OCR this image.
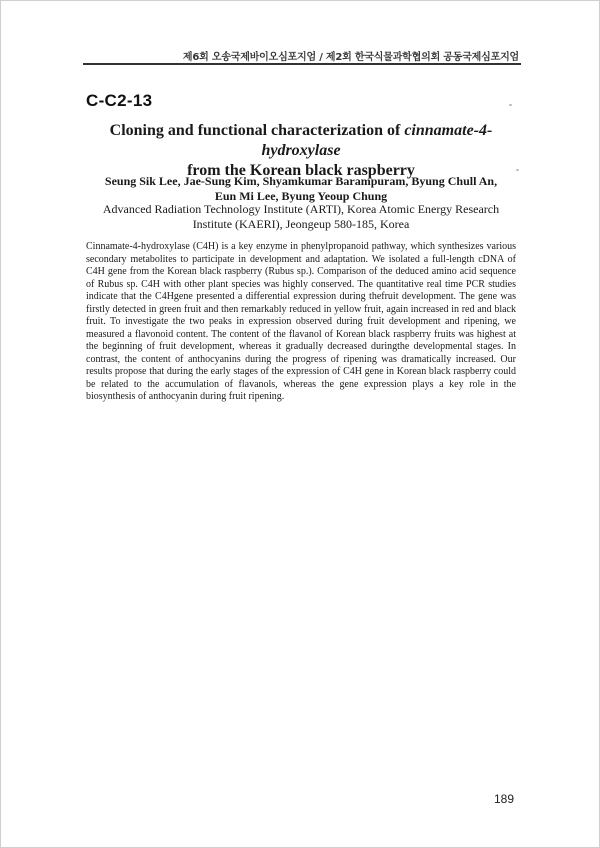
제6회 오송국제바이오심포지엄 / 제2회 한국식물과학협의회 공동국제심포지엄
C-C2-13
Cloning and functional characterization of cinnamate-4-hydroxylase
from the Korean black raspberry
Seung Sik Lee, Jae-Sung Kim, Shyamkumar Barampuram, Byung Chull An,
Eun Mi Lee, Byung Yeoup Chung
Advanced Radiation Technology Institute (ARTI), Korea Atomic Energy Research
Institute (KAERI), Jeongeup 580-185, Korea

Cinnamate-4-hydroxylase (C4H) is a key enzyme in phenylpropanoid pathway, which synthesizes various secondary metabolites to participate in development and adaptation. We isolated a full-length cDNA of C4H gene from the Korean black raspberry (Rubus sp.). Comparison of the deduced amino acid sequence of Rubus sp. C4H with other plant species was highly conserved. The quantitative real time PCR studies indicate that the C4Hgene presented a differential expression during thefruit development. The gene was firstly detected in green fruit and then remarkably reduced in yellow fruit, again increased in red and black fruit. To investigate the two peaks in expression observed during fruit development and ripening, we measured a flavonoid content. The content of the flavanol of Korean black raspberry fruits was highest at the beginning of fruit development, whereas it gradually decreased duringthe developmental stages. In contrast, the content of anthocyanins during the progress of ripening was dramatically increased. Our results propose that during the early stages of the expression of C4H gene in Korean black raspberry could be related to the accumulation of flavanols, whereas the gene expression plays a key role in the biosynthesis of anthocyanin during fruit ripening.

189
